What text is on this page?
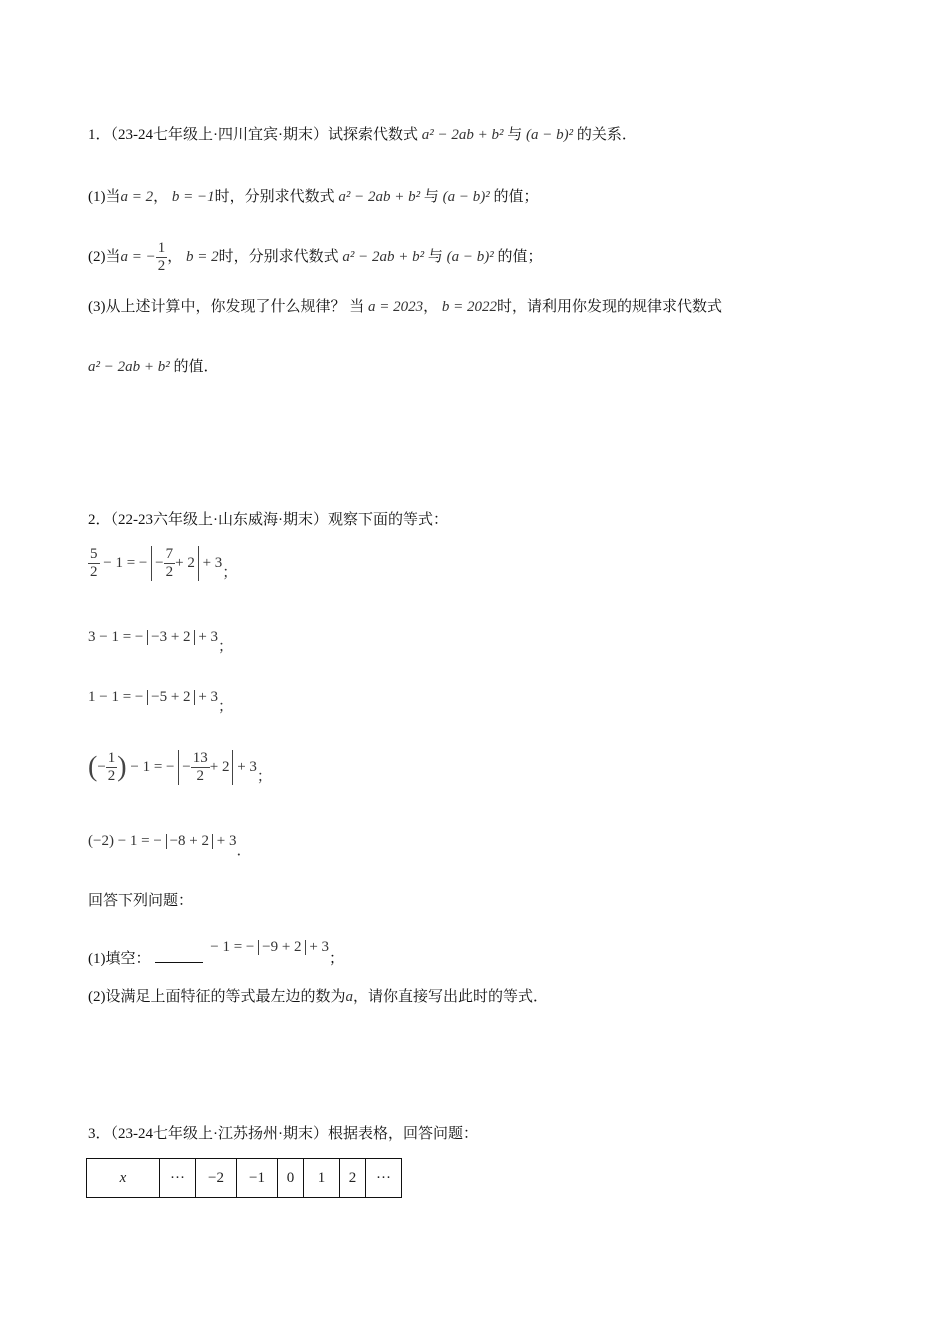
1．（23-24七年级上·四川宜宾·期末）试探索代数式 a² − 2ab + b² 与 (a − b)² 的关系．
(1)当a = 2， b = −1时，分别求代数式 a² − 2ab + b² 与 (a − b)² 的值；
(2)当a = − $\frac{1}{2}$ ， b = 2时，分别求代数式 a² − 2ab + b² 与 (a − b)² 的值；
(3)从上述计算中，你发现了什么规律？ 当 a = 2023， b = 2022时，请利用你发现的规律求代数式
a² − 2ab + b² 的值．
2．（22-23六年级上·山东威海·期末）观察下面的等式：
$\frac{5}{2} - 1$ = − − $\frac{7}{2} + 2 + 3$；
3 − 1 = − −3 + 2 + 3；
1 − 1 = − −5 + 2 + 3；
(− $\frac{1}{2}$ ) − 1 = − − $\frac{13}{2} + 2 + 3$；
(−2) − 1 = − −8 + 2 + 3．
回答下列问题：
(1)填空： − 1 = − −9 + 2 + 3；
(2)设满足上面特征的等式最左边的数为a，请你直接写出此时的等式．
3．（23-24七年级上·江苏扬州·期末）根据表格，回答问题：
x	···	−2	−1	0	1	2	···
